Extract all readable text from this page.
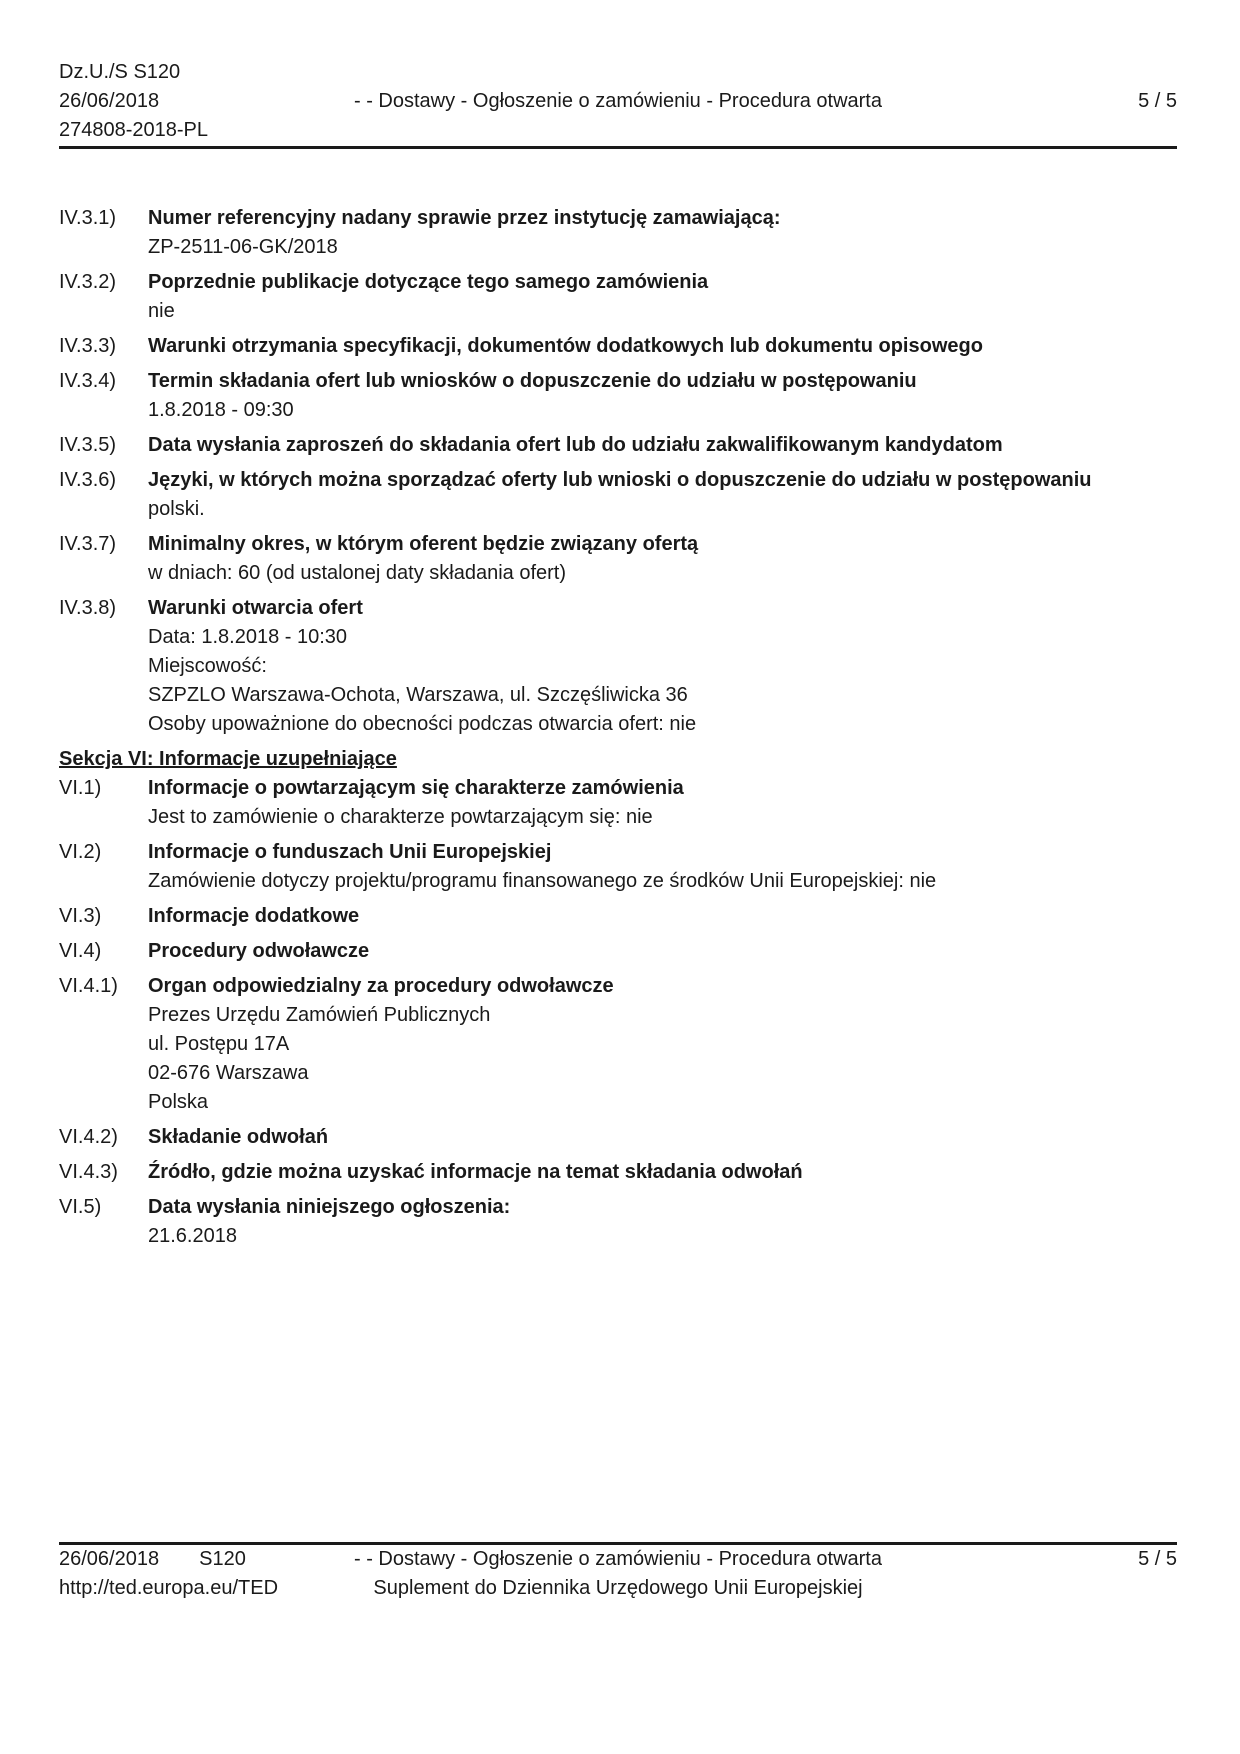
Dz.U./S S120
26/06/2018
274808-2018-PL
- - Dostawy - Ogłoszenie o zamówieniu - Procedura otwarta	5 / 5
IV.3.1)	Numer referencyjny nadany sprawie przez instytucję zamawiającą:
ZP-2511-06-GK/2018
IV.3.2)	Poprzednie publikacje dotyczące tego samego zamówienia
nie
IV.3.3)	Warunki otrzymania specyfikacji, dokumentów dodatkowych lub dokumentu opisowego
IV.3.4)	Termin składania ofert lub wniosków o dopuszczenie do udziału w postępowaniu
1.8.2018 - 09:30
IV.3.5)	Data wysłania zaproszeń do składania ofert lub do udziału zakwalifikowanym kandydatom
IV.3.6)	Języki, w których można sporządzać oferty lub wnioski o dopuszczenie do udziału w postępowaniu
polski.
IV.3.7)	Minimalny okres, w którym oferent będzie związany ofertą
w dniach: 60 (od ustalonej daty składania ofert)
IV.3.8)	Warunki otwarcia ofert
Data: 1.8.2018 - 10:30
Miejscowość:
SZPZLO Warszawa-Ochota, Warszawa, ul. Szczęśliwicka 36
Osoby upoważnione do obecności podczas otwarcia ofert: nie
Sekcja VI: Informacje uzupełniające
VI.1)	Informacje o powtarzającym się charakterze zamówienia
Jest to zamówienie o charakterze powtarzającym się: nie
VI.2)	Informacje o funduszach Unii Europejskiej
Zamówienie dotyczy projektu/programu finansowanego ze środków Unii Europejskiej: nie
VI.3)	Informacje dodatkowe
VI.4)	Procedury odwoławcze
VI.4.1)	Organ odpowiedzialny za procedury odwoławcze
Prezes Urzędu Zamówień Publicznych
ul. Postępu 17A
02-676 Warszawa
Polska
VI.4.2)	Składanie odwołań
VI.4.3)	Źródło, gdzie można uzyskać informacje na temat składania odwołań
VI.5)	Data wysłania niniejszego ogłoszenia:
21.6.2018
26/06/2018 S120
http://ted.europa.eu/TED
- - Dostawy - Ogłoszenie o zamówieniu - Procedura otwarta
Suplement do Dziennika Urzędowego Unii Europejskiej
5 / 5
